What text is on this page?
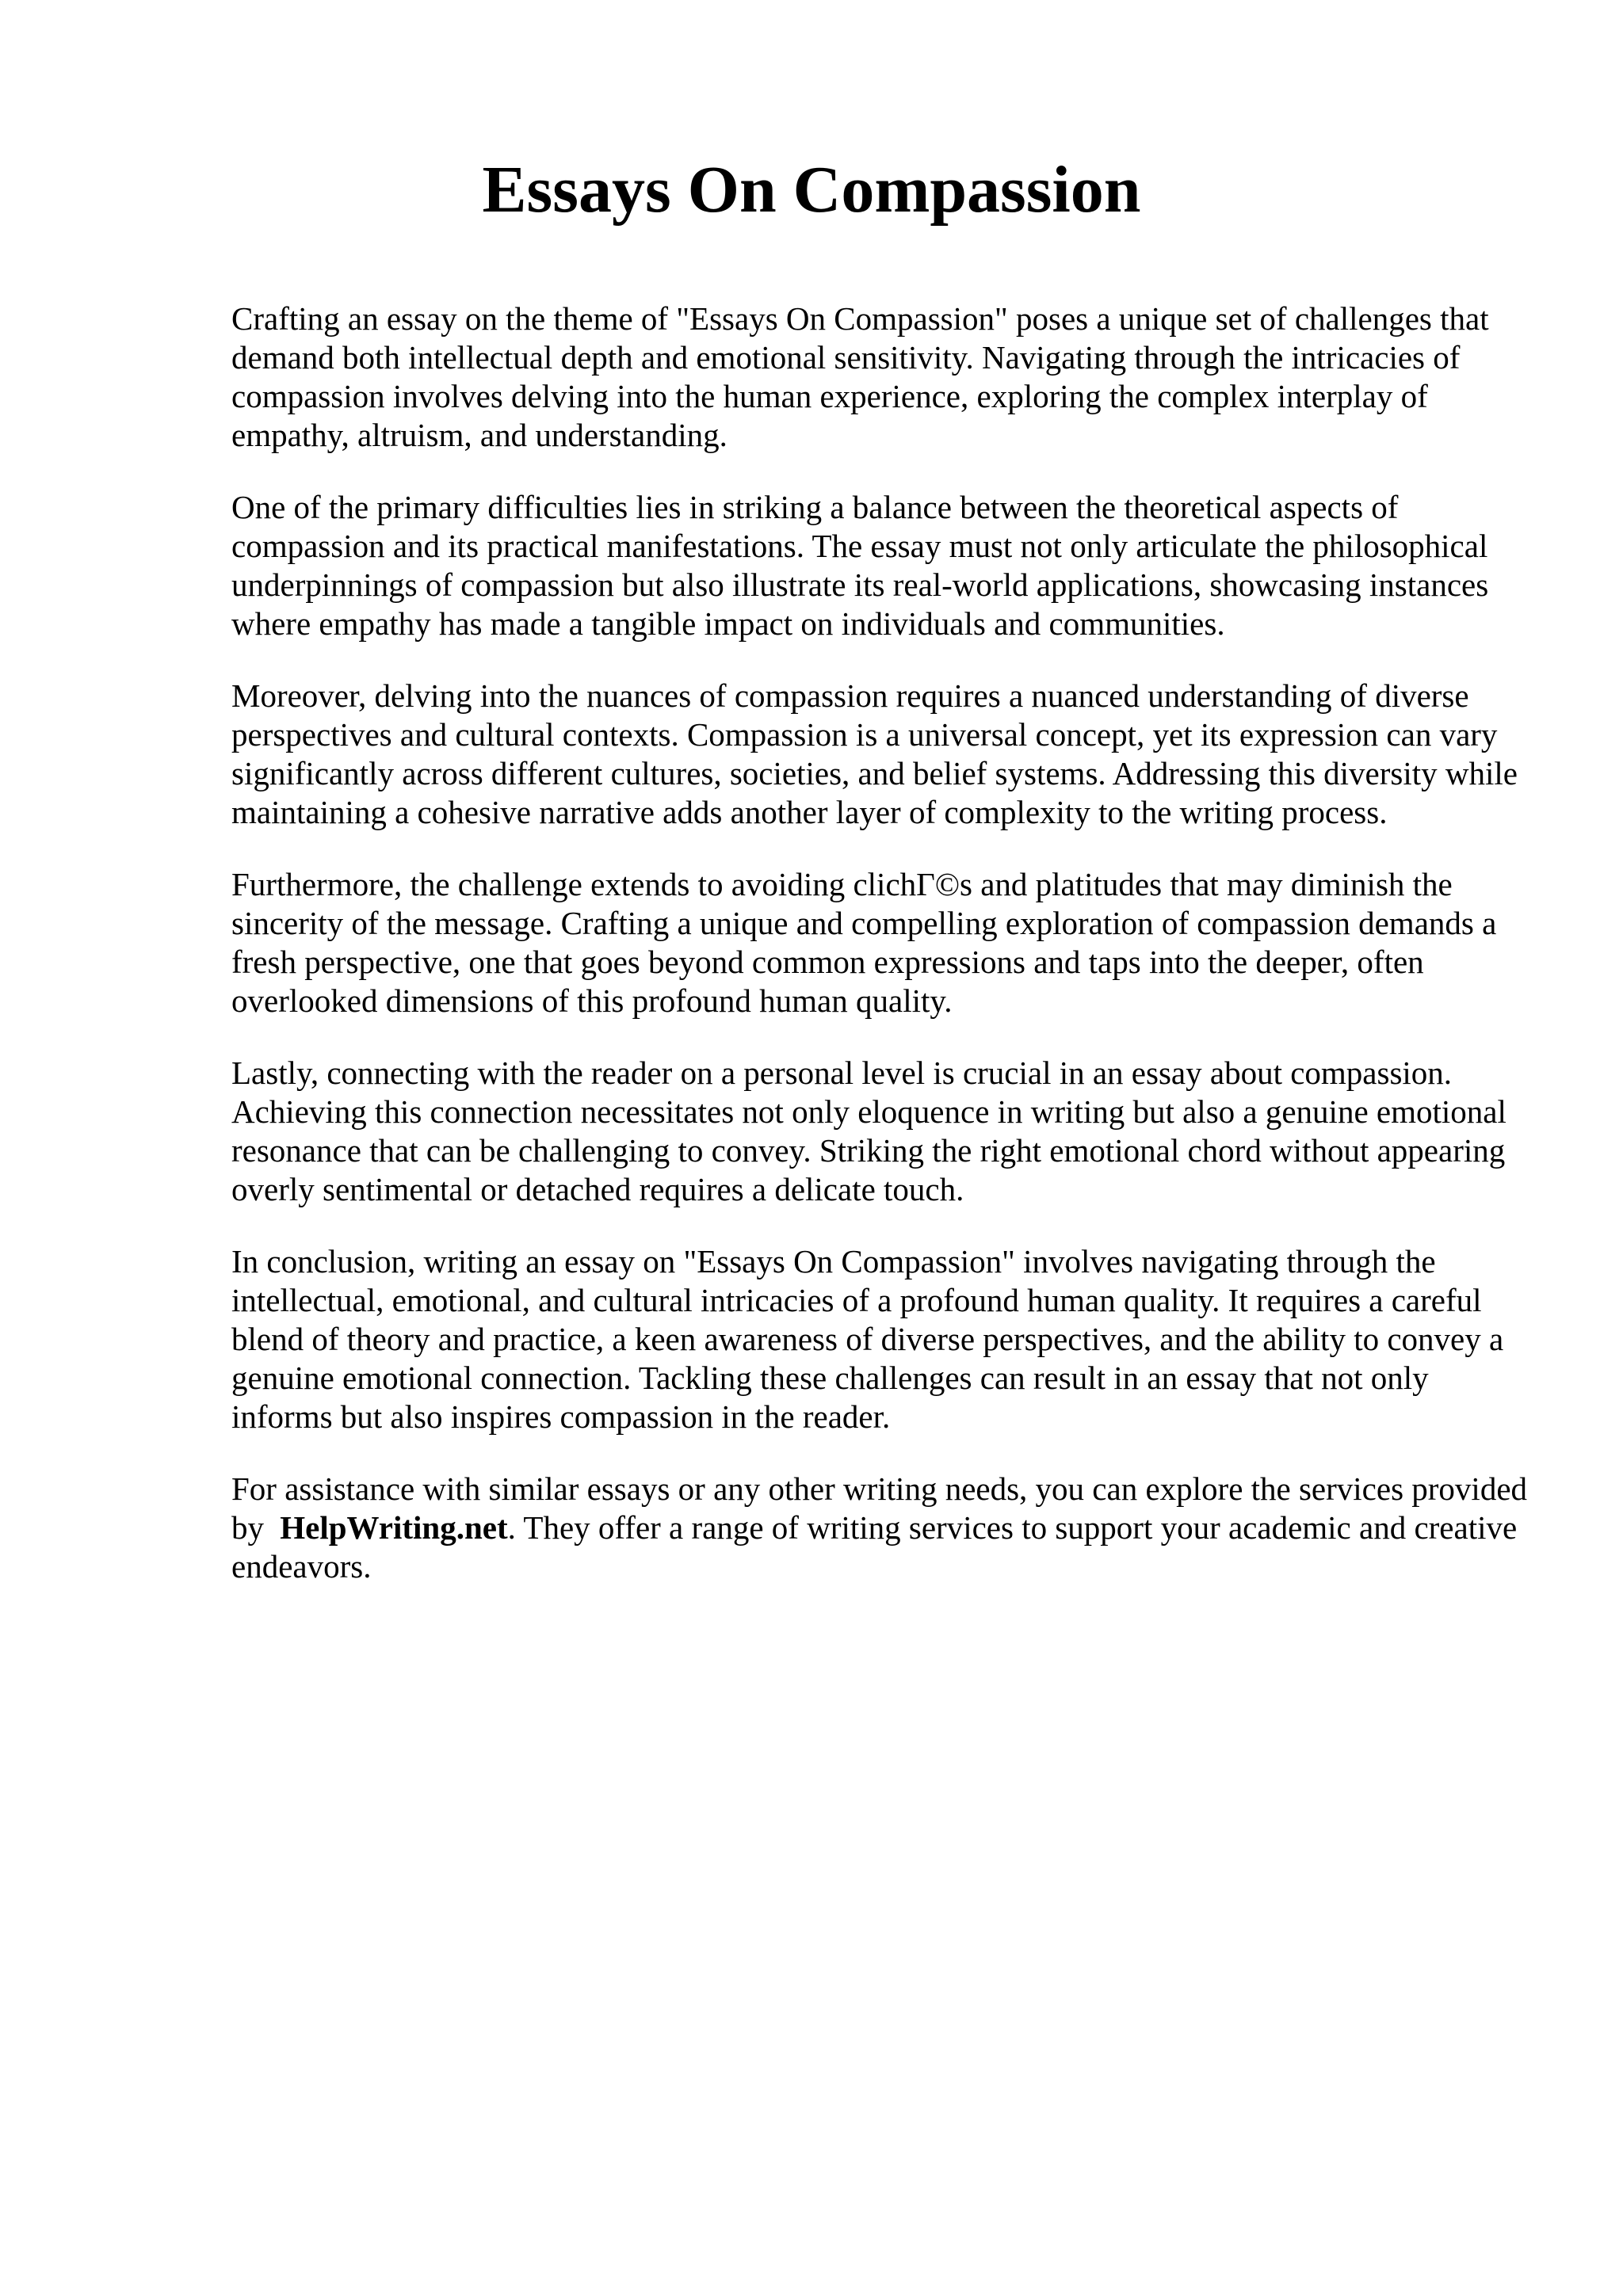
Essays On Compassion

Crafting an essay on the theme of "Essays On Compassion" poses a unique set of challenges that demand both intellectual depth and emotional sensitivity. Navigating through the intricacies of compassion involves delving into the human experience, exploring the complex interplay of empathy, altruism, and understanding.

One of the primary difficulties lies in striking a balance between the theoretical aspects of compassion and its practical manifestations. The essay must not only articulate the philosophical underpinnings of compassion but also illustrate its real-world applications, showcasing instances where empathy has made a tangible impact on individuals and communities.

Moreover, delving into the nuances of compassion requires a nuanced understanding of diverse perspectives and cultural contexts. Compassion is a universal concept, yet its expression can vary significantly across different cultures, societies, and belief systems. Addressing this diversity while maintaining a cohesive narrative adds another layer of complexity to the writing process.

Furthermore, the challenge extends to avoiding clichГ©s and platitudes that may diminish the sincerity of the message. Crafting a unique and compelling exploration of compassion demands a fresh perspective, one that goes beyond common expressions and taps into the deeper, often overlooked dimensions of this profound human quality.

Lastly, connecting with the reader on a personal level is crucial in an essay about compassion. Achieving this connection necessitates not only eloquence in writing but also a genuine emotional resonance that can be challenging to convey. Striking the right emotional chord without appearing overly sentimental or detached requires a delicate touch.

In conclusion, writing an essay on "Essays On Compassion" involves navigating through the intellectual, emotional, and cultural intricacies of a profound human quality. It requires a careful blend of theory and practice, a keen awareness of diverse perspectives, and the ability to convey a genuine emotional connection. Tackling these challenges can result in an essay that not only informs but also inspires compassion in the reader.

For assistance with similar essays or any other writing needs, you can explore the services provided by HelpWriting.net. They offer a range of writing services to support your academic and creative endeavors.
